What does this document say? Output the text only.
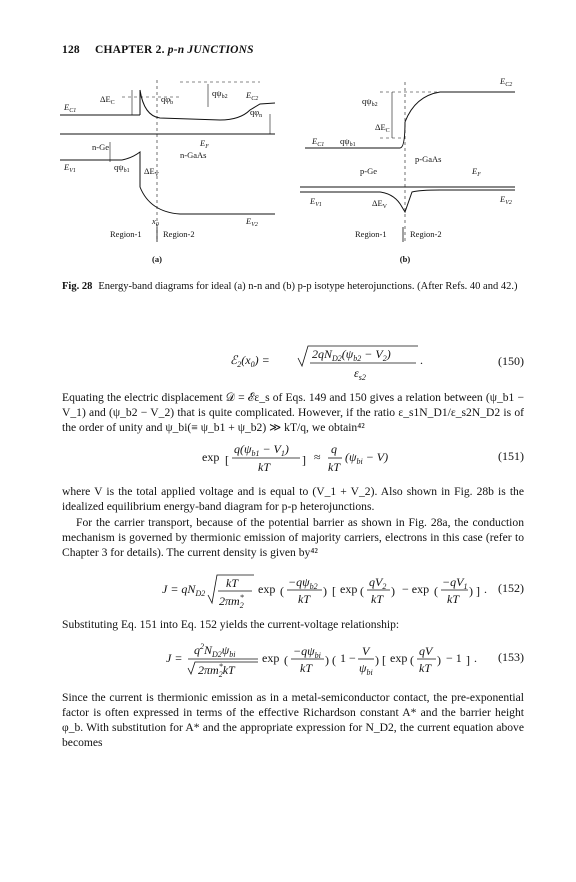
128 CHAPTER 2. p-n JUNCTIONS
$E_{C1}$
$\Delta E_C$	$q\varphi_b$
$q\psi_{b2}$ $E_{C2}$
$q\varphi_n$
$E_F$
n-Ge
n-GaAs
$E_{V1}$	$q\psi_{b1}$ $\Delta E_V$
$x_0$	$E_{V2}$
Region-1	Region-2
(a)
$E_{C2}$
$q\psi_{b2}$
$\Delta E_C$
$E_{C1}$ $q\psi_{b1}$
p-GaAs
p-Ge	$E_F$
$E_{V1}$	$\Delta E_V$
$E_{V2}$
Region-1	Region-2
(b)
Fig. 28 Energy-band diagrams for ideal (a) n-n and (b) p-p isotype heterojunctions. (After Refs. 40 and 42.)
$ℰ_2(x_0)$ =	$2qN_{D2}(\psi_{b2} - V_2)$
$\varepsilon_{s2}$
.	(150)
Equating the electric displacement 𝒟 = ℰε_s of Eqs. 149 and 150 gives a relation between (ψ_b1 − V_1) and (ψ_b2 − V_2) that is quite complicated. However, if the ratio ε_s1N_D1/ε_s2N_D2 is of the order of unity and ψ_bi(≡ ψ_b1 + ψ_b2) ≫ kT/q, we obtain⁴²
exp [
$q(\psi_{b1} - V_1)$
kT	] ≈
q
kT
$(\psi_{bi} - V)$	(151)
where V is the total applied voltage and is equal to (V_1 + V_2). Also shown in Fig. 28b is the idealized equilibrium energy-band diagram for p-p heterojunctions.
For the carrier transport, because of the potential barrier as shown in Fig. 28a, the conduction mechanism is governed by thermionic emission of majority carriers, electrons in this case (refer to Chapter 3 for details). The current density is given by⁴²
$J = qN_{D2}$
kT
2πm* 2
exp (
$-q\psi_{b2}$
kT
) [ exp (
$qV_2$
kT
) − exp (
$-qV_1$
kT
) ] . (152)
Substituting Eq. 151 into Eq. 152 yields the current-voltage relationship:
J =
$q^2N_{D2}\psi_{bi}$
2πm* 2kT
exp (
$-q\psi_{bi}$
kT
) ( 1 − V
$\psi_{bi}$
) [ exp (
qV
kT
) − 1 ] . (153)
Since the current is thermionic emission as in a metal-semiconductor contact, the pre-exponential factor is often expressed in terms of the effective Richardson constant A* and the barrier height φ_b. With substitution for A* and the appropriate expression for N_D2, the current equation above becomes
